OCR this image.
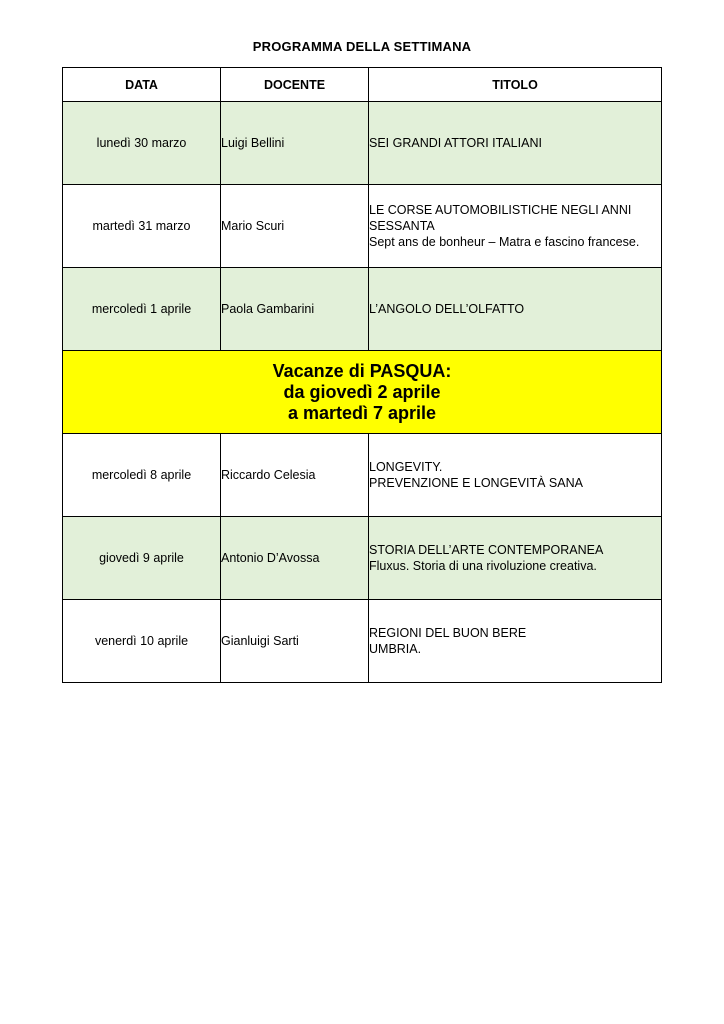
PROGRAMMA DELLA SETTIMANA
DATA	DOCENTE	TITOLO
lunedì 30 marzo	Luigi Bellini	SEI GRANDI ATTORI ITALIANI

martedì 31 marzo	Mario Scuri	LE CORSE AUTOMOBILISTICHE NEGLI ANNI SESSANTA
Sept ans de bonheur – Matra e fascino francese.

mercoledì 1 aprile	Paola Gambarini	L’ANGOLO DELL’OLFATTO

Vacanze di PASQUA:
da giovedì 2 aprile
a martedì 7 aprile		

mercoledì 8 aprile	Riccardo Celesia	LONGEVITY.
PREVENZIONE E LONGEVITÀ SANA

giovedì 9 aprile	Antonio D’Avossa	STORIA DELL’ARTE CONTEMPORANEA
Fluxus. Storia di una rivoluzione creativa.

venerdì 10 aprile	Gianluigi Sarti	REGIONI DEL BUON BERE
UMBRIA.
